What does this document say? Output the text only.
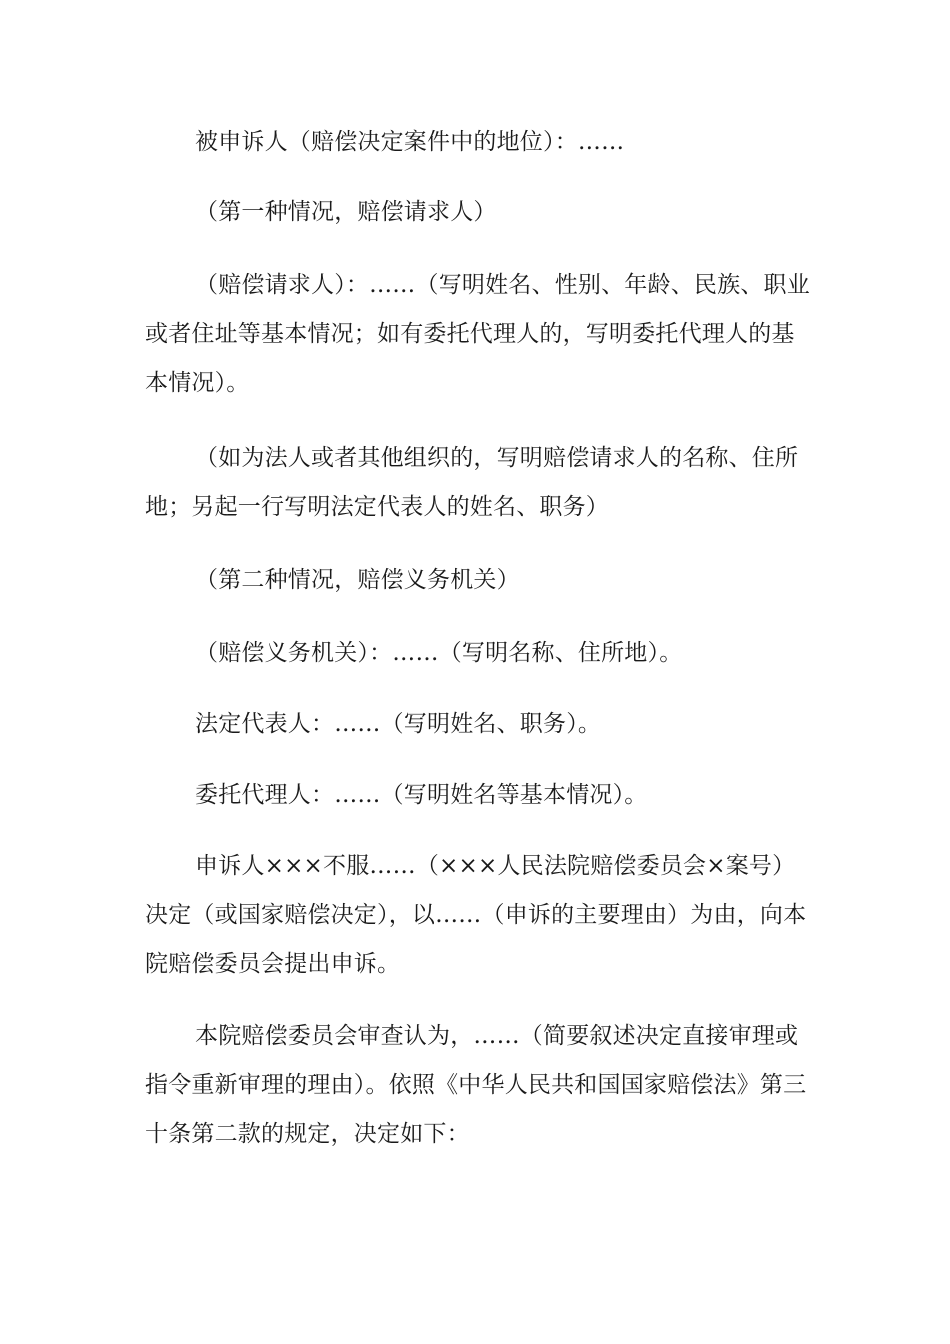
被申诉人（赔偿决定案件中的地位）：……

（第一种情况，赔偿请求人）

（赔偿请求人）：……（写明姓名、性别、年龄、民族、职业或者住址等基本情况；如有委托代理人的，写明委托代理人的基本情况）。

（如为法人或者其他组织的，写明赔偿请求人的名称、住所地；另起一行写明法定代表人的姓名、职务）

（第二种情况，赔偿义务机关）

（赔偿义务机关）：……（写明名称、住所地）。

法定代表人：……（写明姓名、职务）。

委托代理人：……（写明姓名等基本情况）。

申诉人×××不服……（×××人民法院赔偿委员会×案号）决定（或国家赔偿决定），以……（申诉的主要理由）为由，向本院赔偿委员会提出申诉。

本院赔偿委员会审查认为，……（简要叙述决定直接审理或指令重新审理的理由）。依照《中华人民共和国国家赔偿法》第三十条第二款的规定，决定如下：
